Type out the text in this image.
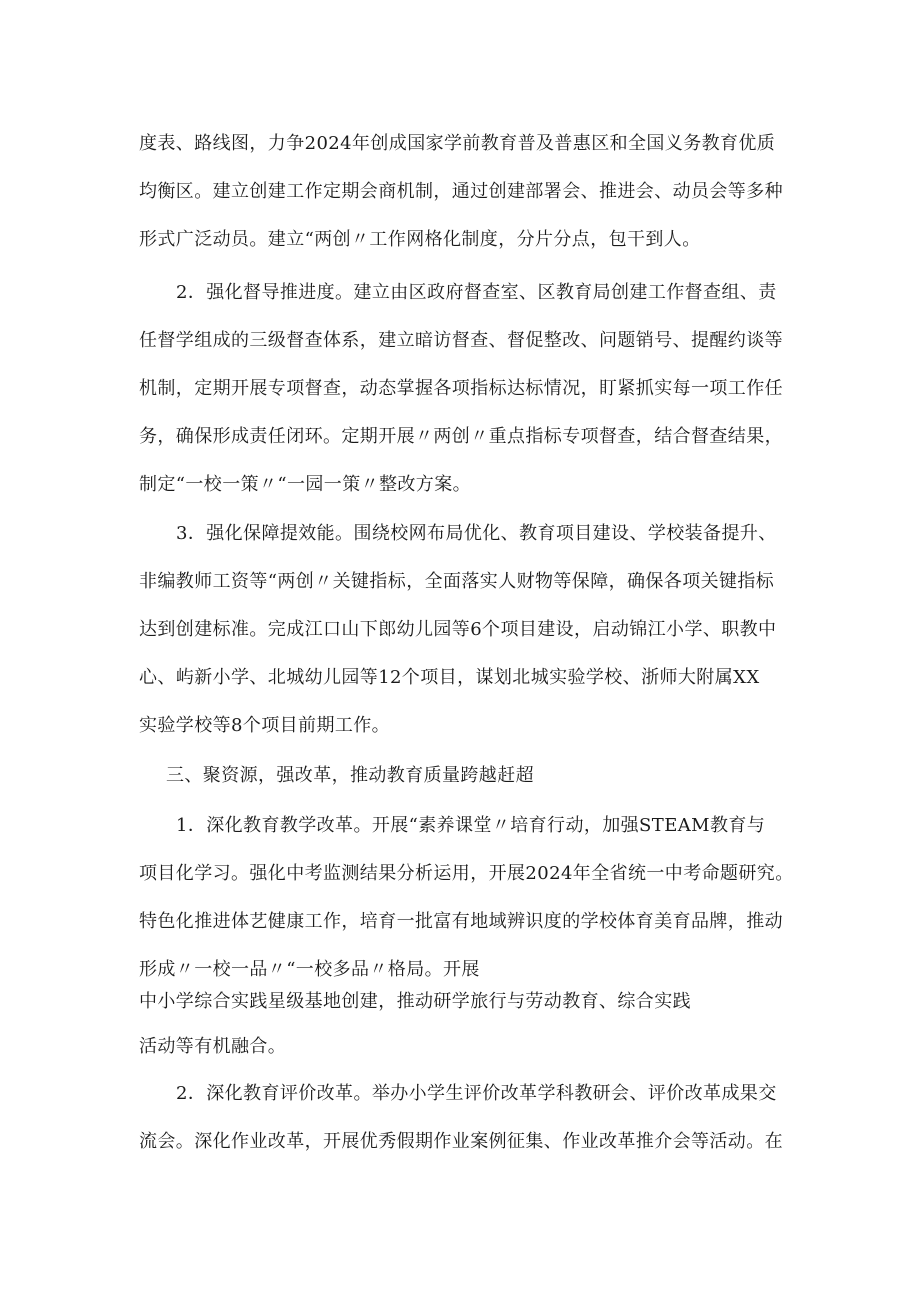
度表、路线图，力争2024年创成国家学前教育普及普惠区和全国义务教育优质
均衡区。建立创建工作定期会商机制，通过创建部署会、推进会、动员会等多种
形式广泛动员。建立“两创〃工作网格化制度，分片分点，包干到人。
2．强化督导推进度。建立由区政府督查室、区教育局创建工作督查组、责
任督学组成的三级督查体系，建立暗访督查、督促整改、问题销号、提醒约谈等
机制，定期开展专项督查，动态掌握各项指标达标情况，盯紧抓实每一项工作任
务，确保形成责任闭环。定期开展〃两创〃重点指标专项督查，结合督查结果，
制定“一校一策〃“一园一策〃整改方案。
3．强化保障提效能。围绕校网布局优化、教育项目建设、学校装备提升、
非编教师工资等“两创〃关键指标，全面落实人财物等保障，确保各项关键指标
达到创建标准。完成江口山下郎幼儿园等6个项目建设，启动锦江小学、职教中
心、屿新小学、北城幼儿园等12个项目，谋划北城实验学校、浙师大附属XX
实验学校等8个项目前期工作。
三、聚资源，强改革，推动教育质量跨越赶超
1．深化教育教学改革。开展“素养课堂〃培育行动，加强STEAM教育与
项目化学习。强化中考监测结果分析运用，开展2024年全省统一中考命题研究。
特色化推进体艺健康工作，培育一批富有地域辨识度的学校体育美育品牌，推动
形成〃一校一品〃“一校多品〃格局。开展
中小学综合实践星级基地创建，推动研学旅行与劳动教育、综合实践
活动等有机融合。
2．深化教育评价改革。举办小学生评价改革学科教研会、评价改革成果交
流会。深化作业改革，开展优秀假期作业案例征集、作业改革推介会等活动。在
